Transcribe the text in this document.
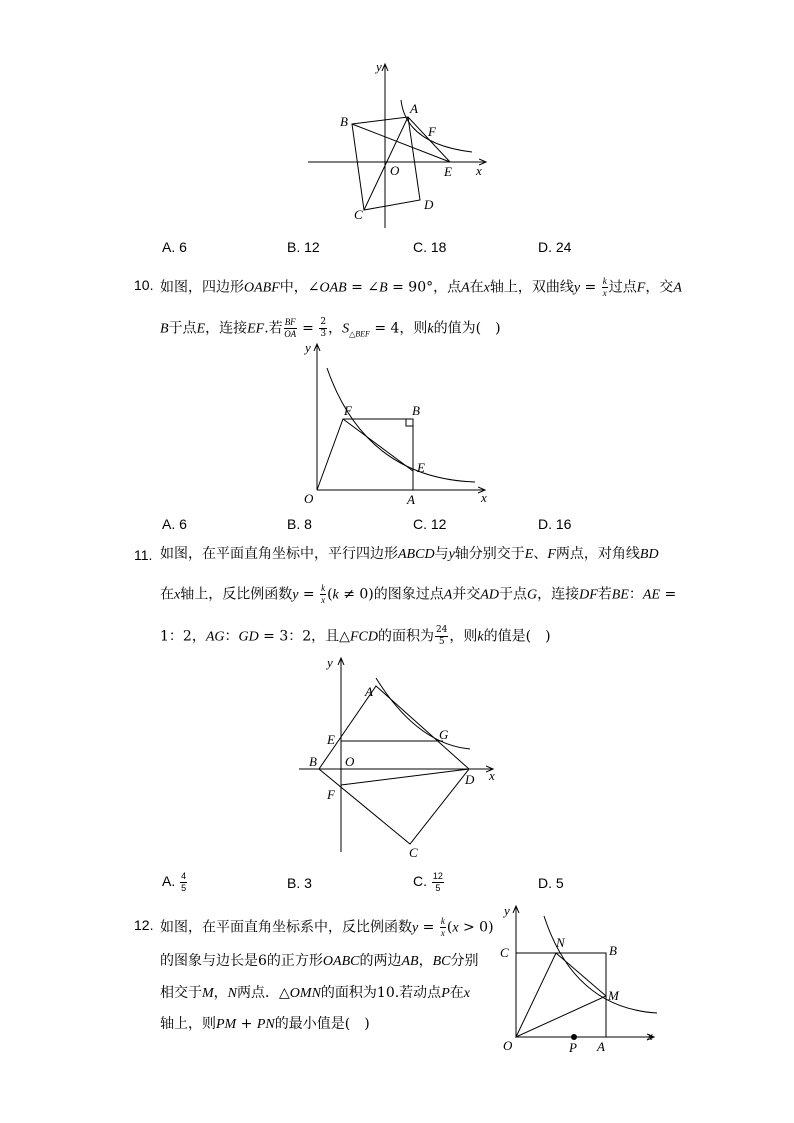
y
x
O
A
B
C
D
E
F
A. 6	B. 12	C. 18	D. 24
10. 如图，四边形OABF中，∠OAB = ∠B = 90°，点A在x轴上，双曲线$y = \frac{k}{x}$ 过点F，交A
B于点E，连接EF.若 $\frac{BF}{OA} = \frac{2}{3}$ ，$S_{\triangle BEF} = 4$，则k的值为(　)
y
x
O	A
B
E
F
A. 6	B. 8	C. 12	D. 16
11. 如图，在平面直角坐标中，平行四边形ABCD与y轴分别交于E、F两点，对角线BD
在x轴上，反比例函数$y = \frac{k}{x} (k \ne 0)$的图象过点A并交AD于点G，连接DF若BE：AE =
1：2，AG：GD = 3：2，且△FCD的面积为 $\frac{24}{5}$ ，则k的值是(　)
y
x
O
A
B
C
D
E
F
G
A. $\frac{4}{5}$	B. 3	C. $\frac{12}{5}$	D. 5
12. 如图，在平面直角坐标系中，反比例函数$y = \frac{k}{x} (x > 0)$
的图象与边长是6的正方形OABC的两边AB，BC分别
相交于M，N两点．△OMN的面积为10.若动点P在x
轴上，则PM + PN的最小值是(　)
y
x
O	A
B
C
M
N
P
